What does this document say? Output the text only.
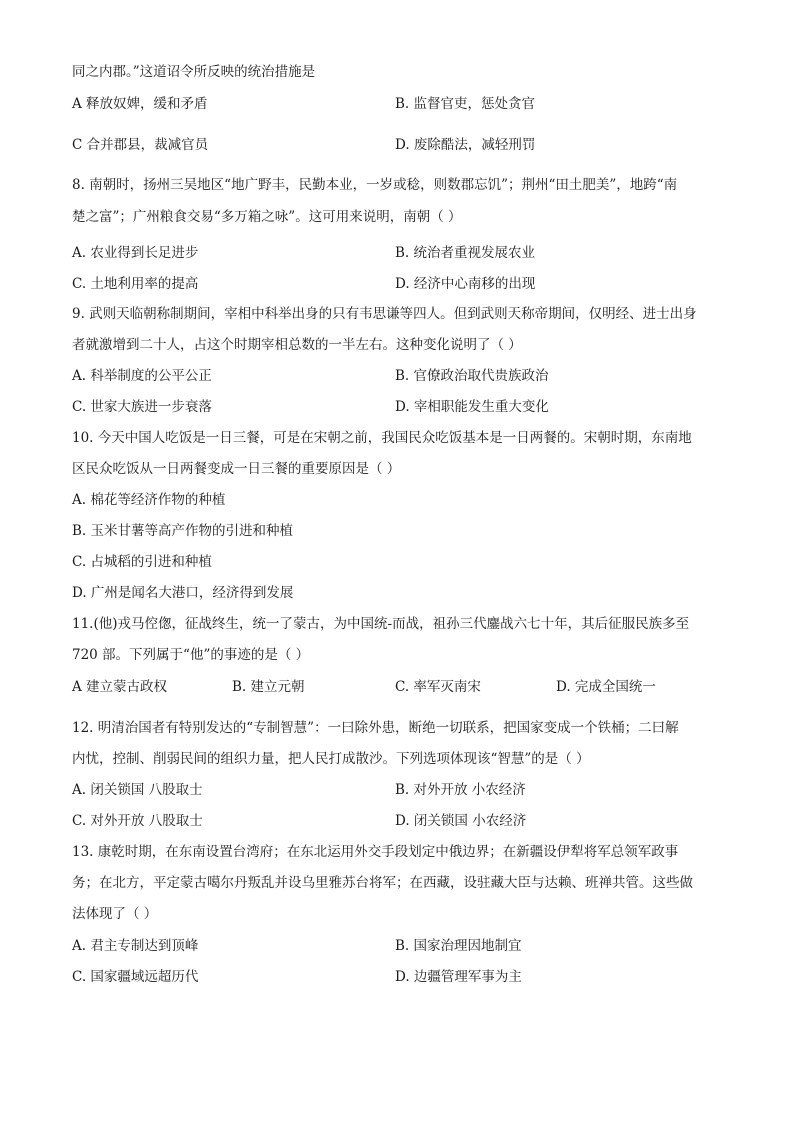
同之内郡。”这道诏令所反映的统治措施是
A 释放奴婢，缓和矛盾	B. 监督官吏，惩处贪官
C 合并郡县，裁减官员	D. 废除酷法，减轻刑罚
8. 南朝时，扬州三吴地区“地广野丰，民勤本业，一岁或稔，则数郡忘饥”；荆州“田土肥美”，地跨“南
楚之富”；广州粮食交易“多万箱之咏”。这可用来说明，南朝（ ）
A. 农业得到长足进步	B. 统治者重视发展农业
C. 土地利用率的提高	D. 经济中心南移的出现
9. 武则天临朝称制期间，宰相中科举出身的只有韦思谦等四人。但到武则天称帝期间，仅明经、进士出身
者就激增到二十人，占这个时期宰相总数的一半左右。这种变化说明了（ ）
A. 科举制度的公平公正	B. 官僚政治取代贵族政治
C. 世家大族进一步衰落	D. 宰相职能发生重大变化
10. 今天中国人吃饭是一日三餐，可是在宋朝之前，我国民众吃饭基本是一日两餐的。宋朝时期，东南地
区民众吃饭从一日两餐变成一日三餐的重要原因是（ ）
A. 棉花等经济作物的种植
B. 玉米甘薯等高产作物的引进和种植
C. 占城稻的引进和种植
D. 广州是闻名大港口，经济得到发展
11.(他)戎马倥偬，征战终生，统一了蒙古，为中国统-而战，祖孙三代鏖战六七十年，其后征服民族多至
720 部。下列属于“他”的事迹的是（ ）
A 建立蒙古政权	B. 建立元朝	C. 率军灭南宋	D. 完成全国统一
12. 明清治国者有特别发达的“专制智慧”：一曰除外患，断绝一切联系，把国家变成一个铁桶；二曰解
内忧，控制、削弱民间的组织力量，把人民打成散沙。下列选项体现该“智慧”的是（ ）
A. 闭关锁国 八股取士	B. 对外开放 小农经济
C. 对外开放 八股取士	D. 闭关锁国 小农经济
13. 康乾时期，在东南设置台湾府；在东北运用外交手段划定中俄边界；在新疆设伊犁将军总领军政事
务；在北方，平定蒙古噶尔丹叛乱并设乌里雅苏台将军；在西藏，设驻藏大臣与达赖、班禅共管。这些做
法体现了（ ）
A. 君主专制达到顶峰	B. 国家治理因地制宜
C. 国家疆域远超历代	D. 边疆管理军事为主
